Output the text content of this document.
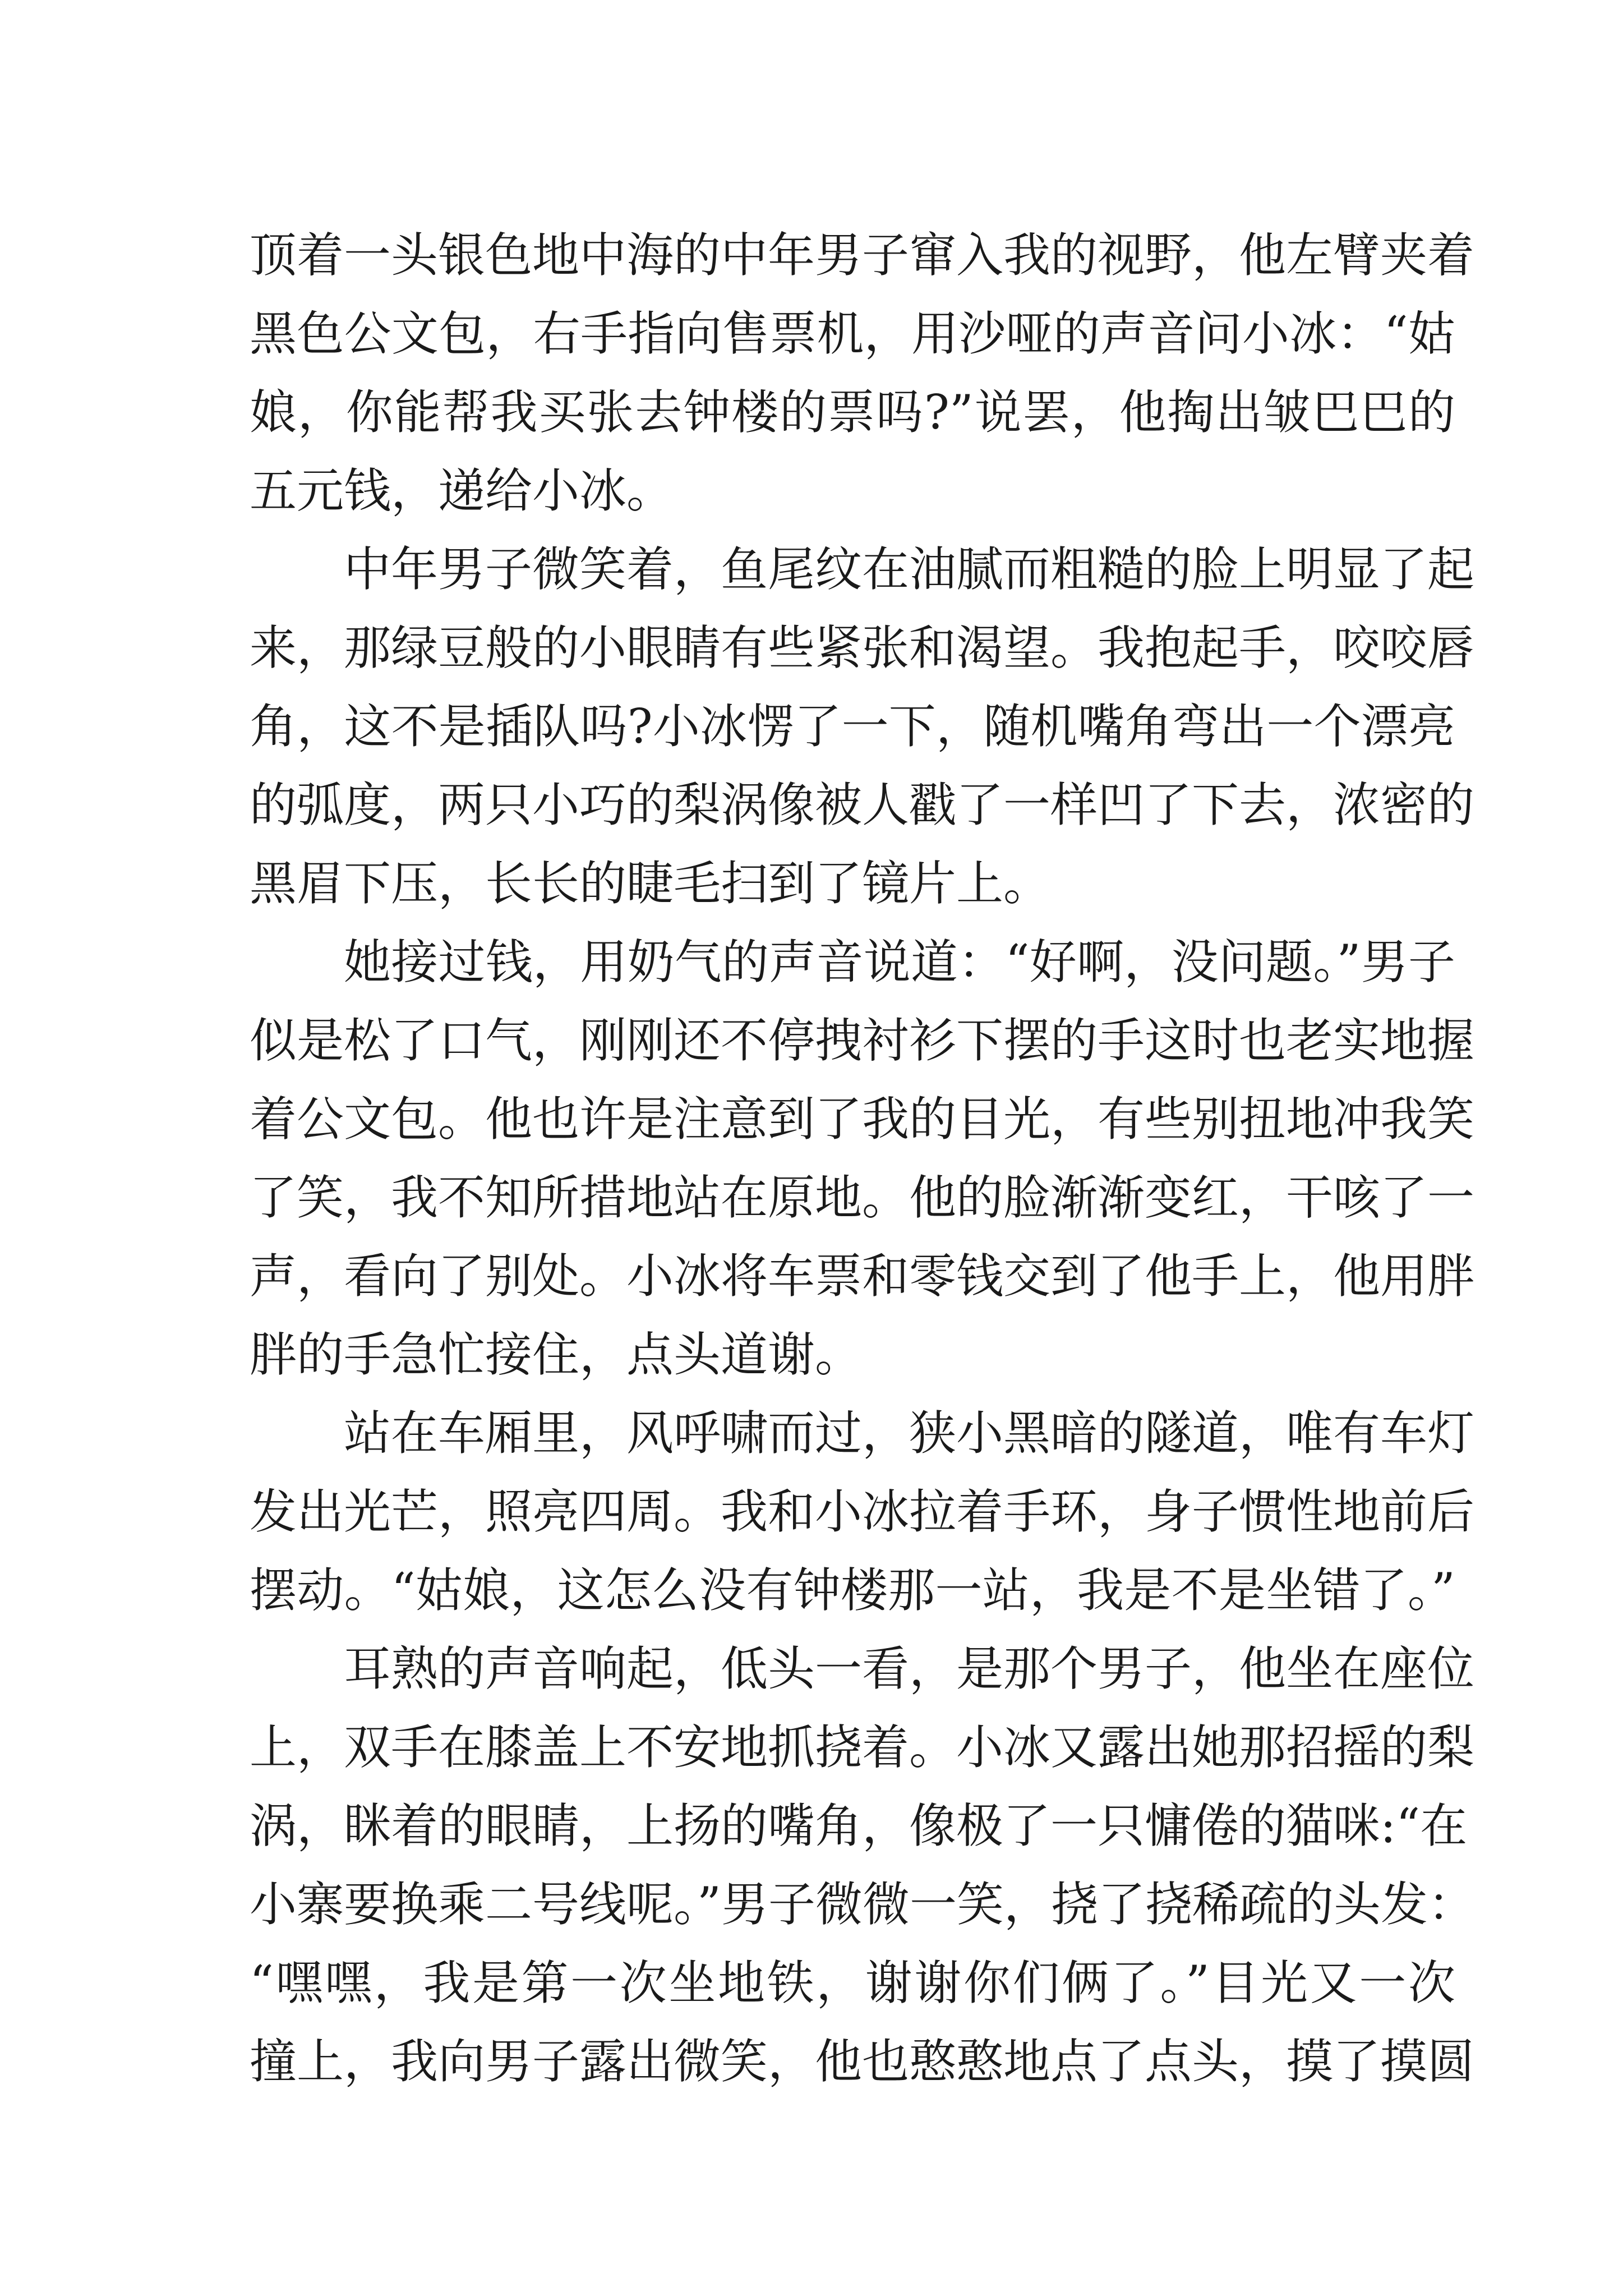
顶着一头银色地中海的中年男子窜入我的视野，他左臂夹着
黑色公文包，右手指向售票机，用沙哑的声音问小冰：“姑
娘，你能帮我买张去钟楼的票吗?”说罢，他掏出皱巴巴的
五元钱，递给小冰。
中年男子微笑着，鱼尾纹在油腻而粗糙的脸上明显了起
来，那绿豆般的小眼睛有些紧张和渴望。我抱起手，咬咬唇
角，这不是插队吗?小冰愣了一下，随机嘴角弯出一个漂亮
的弧度，两只小巧的梨涡像被人戳了一样凹了下去，浓密的
黑眉下压，长长的睫毛扫到了镜片上。
她接过钱，用奶气的声音说道：“好啊，没问题。”男子
似是松了口气，刚刚还不停拽衬衫下摆的手这时也老实地握
着公文包。他也许是注意到了我的目光，有些别扭地冲我笑
了笑，我不知所措地站在原地。他的脸渐渐变红，干咳了一
声，看向了别处。小冰将车票和零钱交到了他手上，他用胖
胖的手急忙接住，点头道谢。
站在车厢里，风呼啸而过，狭小黑暗的隧道，唯有车灯
发出光芒，照亮四周。我和小冰拉着手环，身子惯性地前后
摆动。“姑娘，这怎么没有钟楼那一站，我是不是坐错了。”
耳熟的声音响起，低头一看，是那个男子，他坐在座位
上，双手在膝盖上不安地抓挠着。小冰又露出她那招摇的梨
涡，眯着的眼睛，上扬的嘴角，像极了一只慵倦的猫咪:“在
小寨要换乘二号线呢。”男子微微一笑，挠了挠稀疏的头发：
“嘿嘿，我是第一次坐地铁，谢谢你们俩了。”目光又一次
撞上，我向男子露出微笑，他也憨憨地点了点头，摸了摸圆
